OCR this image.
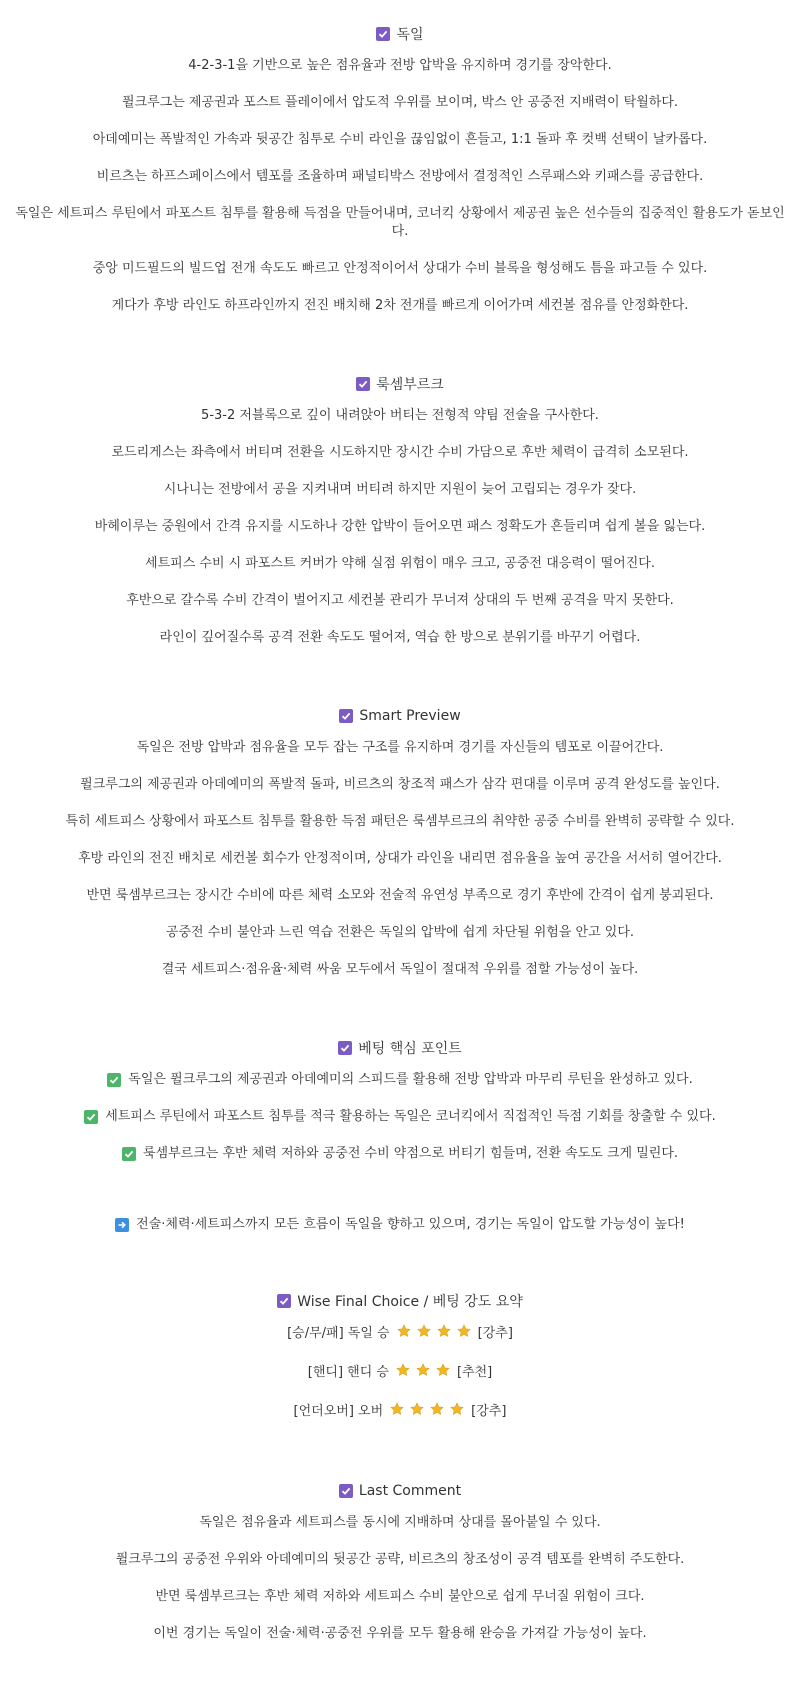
독일

4-2-3-1을 기반으로 높은 점유율과 전방 압박을 유지하며 경기를 장악한다.

퓔크루그는 제공권과 포스트 플레이에서 압도적 우위를 보이며, 박스 안 공중전 지배력이 탁월하다.

아데예미는 폭발적인 가속과 뒷공간 침투로 수비 라인을 끊임없이 흔들고, 1:1 돌파 후 컷백 선택이 날카롭다.

비르츠는 하프스페이스에서 템포를 조율하며 패널티박스 전방에서 결정적인 스루패스와 키패스를 공급한다.

독일은 세트피스 루틴에서 파포스트 침투를 활용해 득점을 만들어내며, 코너킥 상황에서 제공권 높은 선수들의 집중적인 활용도가 돋보인다.

중앙 미드필드의 빌드업 전개 속도도 빠르고 안정적이어서 상대가 수비 블록을 형성해도 틈을 파고들 수 있다.

게다가 후방 라인도 하프라인까지 전진 배치해 2차 전개를 빠르게 이어가며 세컨볼 점유를 안정화한다.

룩셈부르크

5-3-2 저블록으로 깊이 내려앉아 버티는 전형적 약팀 전술을 구사한다.

로드리게스는 좌측에서 버티며 전환을 시도하지만 장시간 수비 가담으로 후반 체력이 급격히 소모된다.

시나니는 전방에서 공을 지켜내며 버티려 하지만 지원이 늦어 고립되는 경우가 잦다.

바헤이루는 중원에서 간격 유지를 시도하나 강한 압박이 들어오면 패스 정확도가 흔들리며 쉽게 볼을 잃는다.

세트피스 수비 시 파포스트 커버가 약해 실점 위험이 매우 크고, 공중전 대응력이 떨어진다.

후반으로 갈수록 수비 간격이 벌어지고 세컨볼 관리가 무너져 상대의 두 번째 공격을 막지 못한다.

라인이 깊어질수록 공격 전환 속도도 떨어져, 역습 한 방으로 분위기를 바꾸기 어렵다.

Smart Preview

독일은 전방 압박과 점유율을 모두 잡는 구조를 유지하며 경기를 자신들의 템포로 이끌어간다.

퓔크루그의 제공권과 아데예미의 폭발적 돌파, 비르츠의 창조적 패스가 삼각 편대를 이루며 공격 완성도를 높인다.

특히 세트피스 상황에서 파포스트 침투를 활용한 득점 패턴은 룩셈부르크의 취약한 공중 수비를 완벽히 공략할 수 있다.

후방 라인의 전진 배치로 세컨볼 회수가 안정적이며, 상대가 라인을 내리면 점유율을 높여 공간을 서서히 열어간다.

반면 룩셈부르크는 장시간 수비에 따른 체력 소모와 전술적 유연성 부족으로 경기 후반에 간격이 쉽게 붕괴된다.

공중전 수비 불안과 느린 역습 전환은 독일의 압박에 쉽게 차단될 위험을 안고 있다.

결국 세트피스·점유율·체력 싸움 모두에서 독일이 절대적 우위를 점할 가능성이 높다.

베팅 핵심 포인트
독일은 퓔크루그의 제공권과 아데예미의 스피드를 활용해 전방 압박과 마무리 루틴을 완성하고 있다.
세트피스 루틴에서 파포스트 침투를 적극 활용하는 독일은 코너킥에서 직접적인 득점 기회를 창출할 수 있다.
룩셈부르크는 후반 체력 저하와 공중전 수비 약점으로 버티기 힘들며, 전환 속도도 크게 밀린다.
전술·체력·세트피스까지 모든 흐름이 독일을 향하고 있으며, 경기는 독일이 압도할 가능성이 높다!
Wise Final Choice / 베팅 강도 요약
[승/무/패] 독일 승	[강추]
[핸디] 핸디 승	[추천]
[언더오버] 오버	[강추]
Last Comment

독일은 점유율과 세트피스를 동시에 지배하며 상대를 몰아붙일 수 있다.

퓔크루그의 공중전 우위와 아데예미의 뒷공간 공략, 비르츠의 창조성이 공격 템포를 완벽히 주도한다.

반면 룩셈부르크는 후반 체력 저하와 세트피스 수비 불안으로 쉽게 무너질 위험이 크다.

이번 경기는 독일이 전술·체력·공중전 우위를 모두 활용해 완승을 가져갈 가능성이 높다.
